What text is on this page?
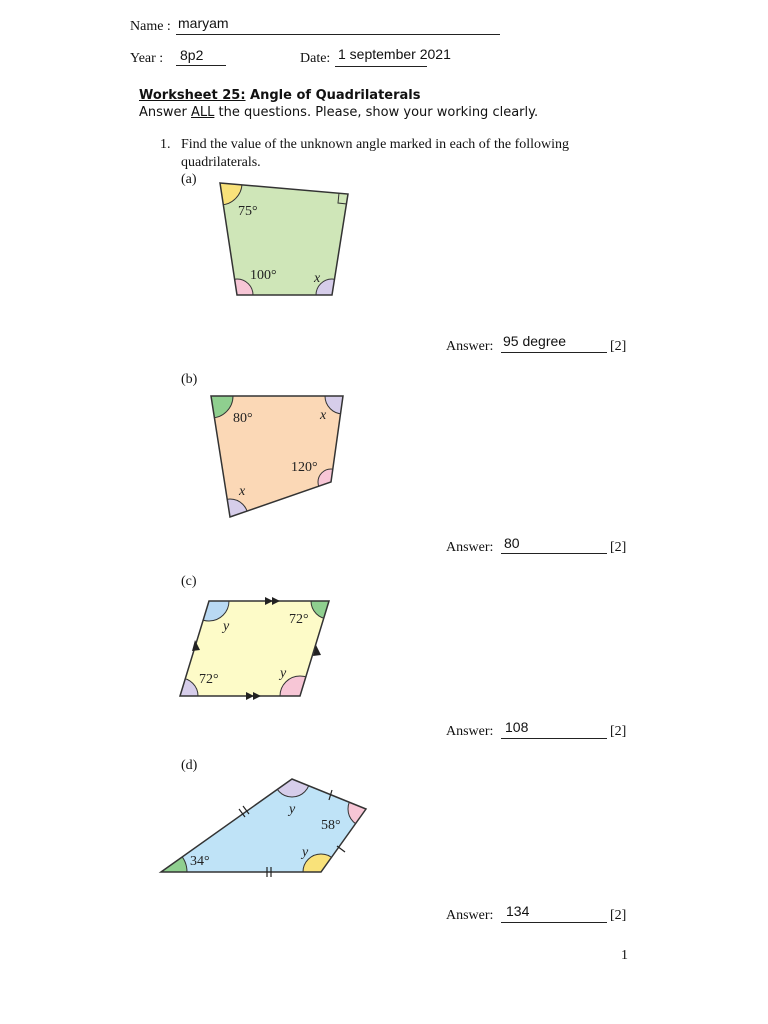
Name : maryam
Year : 8p2	Date: 1 september 2021
Worksheet 25: Angle of Quadrilaterals
Answer ALL the questions. Please, show your working clearly.
1. Find the value of the unknown angle marked in each of the following
quadrilaterals.
(a)
75°
100°	x
Answer: 95 degree	[2]
(b)
80°	x
120°
x
Answer: 80	[2]
(c)
y	72°
72°	y
Answer: 108	[2]
(d)
y
58°
y
34°
Answer: 134	[2]
1
